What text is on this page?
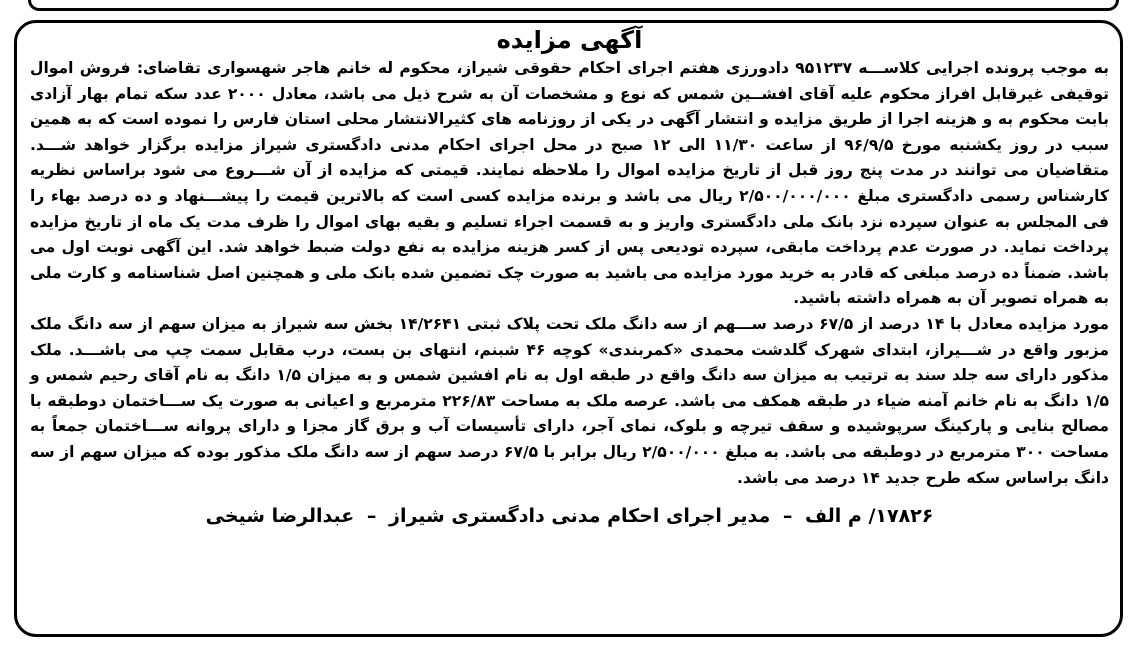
آگهی مزایده

به موجب پرونده اجرایی کلاســـه ۹۵۱۲۳۷ دادورزی هفتم اجرای احکام حقوقی شیراز، محکوم له خانم هاجر شهسواری تقاضای: فروش اموال توقیفی غیرقابل افراز محکوم علیه آقای افشــین شمس که نوع و مشخصات آن به شرح ذیل می باشد، معادل ۲۰۰۰ عدد سکه تمام بهار آزادی بابت محکوم به و هزینه اجرا از طریق مزایده و انتشار آگهی در یکی از روزنامه های کثیرالانتشار محلی استان فارس را نموده است که به همین سبب در روز یکشنبه مورخ ۹۶/۹/۵ از ساعت ۱۱/۳۰ الی ۱۲ صبح در محل اجرای احکام مدنی دادگستری شیراز مزایده برگزار خواهد شـــد. متقاضیان می توانند در مدت پنج روز قبل از تاریخ مزایده اموال را ملاحظه نمایند. قیمتی که مزایده از آن شـــروع می شود براساس نظریه کارشناس رسمی دادگستری مبلغ ۲/۵۰۰/۰۰۰/۰۰۰ ریال می باشد و برنده مزایده کسی است که بالاترین قیمت را پیشـــنهاد و ده درصد بهاء را فی المجلس به عنوان سپرده نزد بانک ملی دادگستری واریز و به قسمت اجراء تسلیم و بقیه بهای اموال را ظرف مدت یک ماه از تاریخ مزایده پرداخت نماید. در صورت عدم پرداخت مابقی، سپرده تودیعی پس از کسر هزینه مزایده به نفع دولت ضبط خواهد شد. این آگهی نوبت اول می باشد. ضمناً ده درصد مبلغی که قادر به خرید مورد مزایده می باشید به صورت چک تضمین شده بانک ملی و همچنین اصل شناسنامه و کارت ملی به همراه تصویر آن به همراه داشته باشید.

مورد مزایده معادل با ۱۴ درصد از ۶۷/۵ درصد ســـهم از سه دانگ ملک تحت پلاک ثبتی ۱۴/۲۶۴۱ بخش سه شیراز به میزان سهم از سه دانگ ملک مزبور واقع در شـــیراز، ابتدای شهرک گلدشت محمدی «کمربندی» کوچه ۴۶ شبنم، انتهای بن بست، درب مقابل سمت چپ می باشـــد. ملک مذکور دارای سه جلد سند به ترتیب به میزان سه دانگ واقع در طبقه اول به نام افشین شمس و به میزان ۱/۵ دانگ به نام آقای رحیم شمس و ۱/۵ دانگ به نام خانم آمنه ضیاء در طبقه همکف می باشد. عرصه ملک به مساحت ۲۲۶/۸۳ مترمربع و اعیانی به صورت یک ســـاختمان دوطبقه با مصالح بنایی و پارکینگ سرپوشیده و سقف تیرچه و بلوک، نمای آجر، دارای تأسیسات آب و برق گاز مجزا و دارای پروانه ســـاختمان جمعاً به مساحت ۳۰۰ مترمربع در دوطبقه می باشد. به مبلغ ۲/۵۰۰/۰۰۰ ریال برابر با ۶۷/۵ درصد سهم از سه دانگ ملک مذکور بوده که میزان سهم از سه دانگ براساس سکه طرح جدید ۱۴ درصد می باشد.

۱۷۸۲۶/ م الف – مدیر اجرای احکام مدنی دادگستری شیراز – عبدالرضا شیخی
